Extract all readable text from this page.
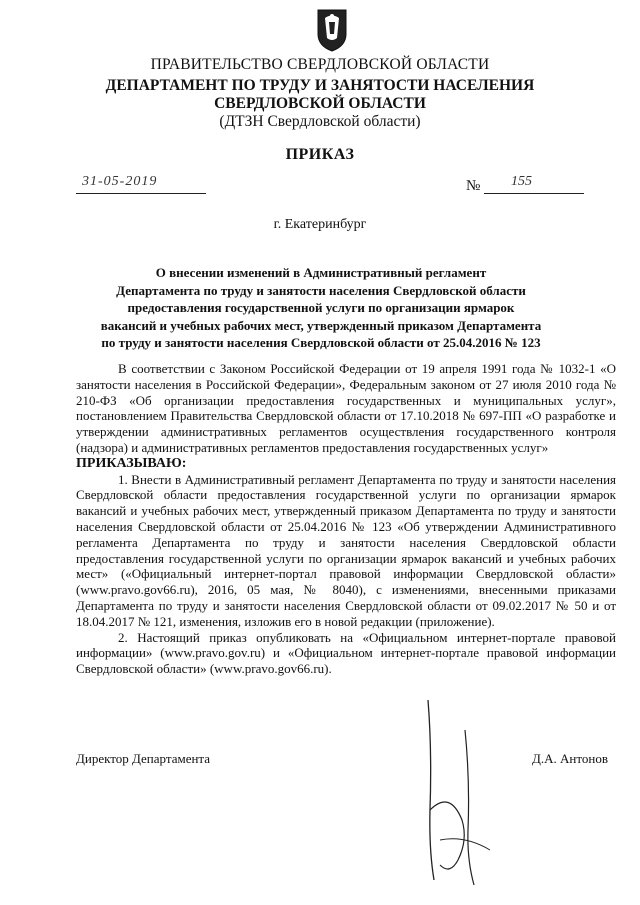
ПРАВИТЕЛЬСТВО СВЕРДЛОВСКОЙ ОБЛАСТИ
ДЕПАРТАМЕНТ ПО ТРУДУ И ЗАНЯТОСТИ НАСЕЛЕНИЯ
СВЕРДЛОВСКОЙ ОБЛАСТИ
(ДТЗН Свердловской области)
ПРИКАЗ
31-05-2019	№ 155
г. Екатеринбург
О внесении изменений в Административный регламент
Департамента по труду и занятости населения Свердловской области
предоставления государственной услуги по организации ярмарок
вакансий и учебных рабочих мест, утвержденный приказом Департамента
по труду и занятости населения Свердловской области от 25.04.2016 № 123

В соответствии с Законом Российской Федерации от 19 апреля 1991 года № 1032-1 «О занятости населения в Российской Федерации», Федеральным законом от 27 июля 2010 года № 210-ФЗ «Об организации предоставления государственных и муниципальных услуг», постановлением Правительства Свердловской области от 17.10.2018 № 697-ПП «О разработке и утверждении административных регламентов осуществления государственного контроля (надзора) и административных регламентов предоставления государственных услуг»

ПРИКАЗЫВАЮ:

1. Внести в Административный регламент Департамента по труду и занятости населения Свердловской области предоставления государственной услуги по организации ярмарок вакансий и учебных рабочих мест, утвержденный приказом Департамента по труду и занятости населения Свердловской области от 25.04.2016 № 123 «Об утверждении Административного регламента Департамента по труду и занятости населения Свердловской области предоставления государственной услуги по организации ярмарок вакансий и учебных рабочих мест» («Официальный интернет-портал правовой информации Свердловской области» (www.pravo.gov66.ru), 2016, 05 мая, № 8040), с изменениями, внесенными приказами Департамента по труду и занятости населения Свердловской области от 09.02.2017 № 50 и от 18.04.2017 № 121, изменения, изложив его в новой редакции (приложение).

2. Настоящий приказ опубликовать на «Официальном интернет-портале правовой информации» (www.pravo.gov.ru) и «Официальном интернет-портале правовой информации Свердловской области» (www.pravo.gov66.ru).

Директор Департамента	Д.А. Антонов
